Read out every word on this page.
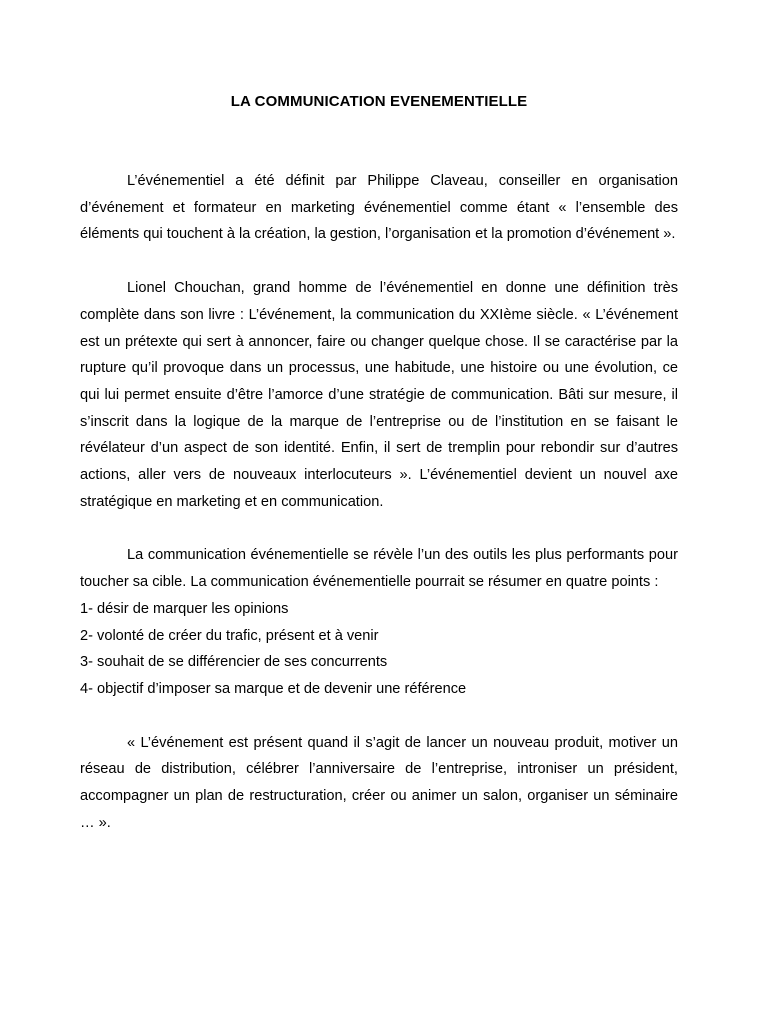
LA COMMUNICATION EVENEMENTIELLE

L’événementiel a été définit par Philippe Claveau, conseiller en organisation d’événement et formateur en marketing événementiel comme étant « l’ensemble des éléments qui touchent à la création, la gestion, l’organisation et la promotion d’événement ».

Lionel Chouchan, grand homme de l’événementiel en donne une définition très complète dans son livre : L’événement, la communication du XXIème siècle. « L’événement est un prétexte qui sert à annoncer, faire ou changer quelque chose. Il se caractérise par la rupture qu’il provoque dans un processus, une habitude, une histoire ou une évolution, ce qui lui permet ensuite d’être l’amorce d’une stratégie de communication. Bâti sur mesure, il s’inscrit dans la logique de la marque de l’entreprise ou de l’institution en se faisant le révélateur d’un aspect de son identité. Enfin, il sert de tremplin pour rebondir sur d’autres actions, aller vers de nouveaux interlocuteurs ». L’événementiel devient un nouvel axe stratégique en marketing et en communication.

La communication événementielle se révèle l’un des outils les plus performants pour toucher sa cible. La communication événementielle pourrait se résumer en quatre points :

1- désir de marquer les opinions
2- volonté de créer du trafic, présent et à venir
3- souhait de se différencier de ses concurrents
4- objectif d’imposer sa marque et de devenir une référence

« L’événement est présent quand il s’agit de lancer un nouveau produit, motiver un réseau de distribution, célébrer l’anniversaire de l’entreprise, introniser un président, accompagner un plan de restructuration, créer ou animer un salon, organiser un séminaire … ».
